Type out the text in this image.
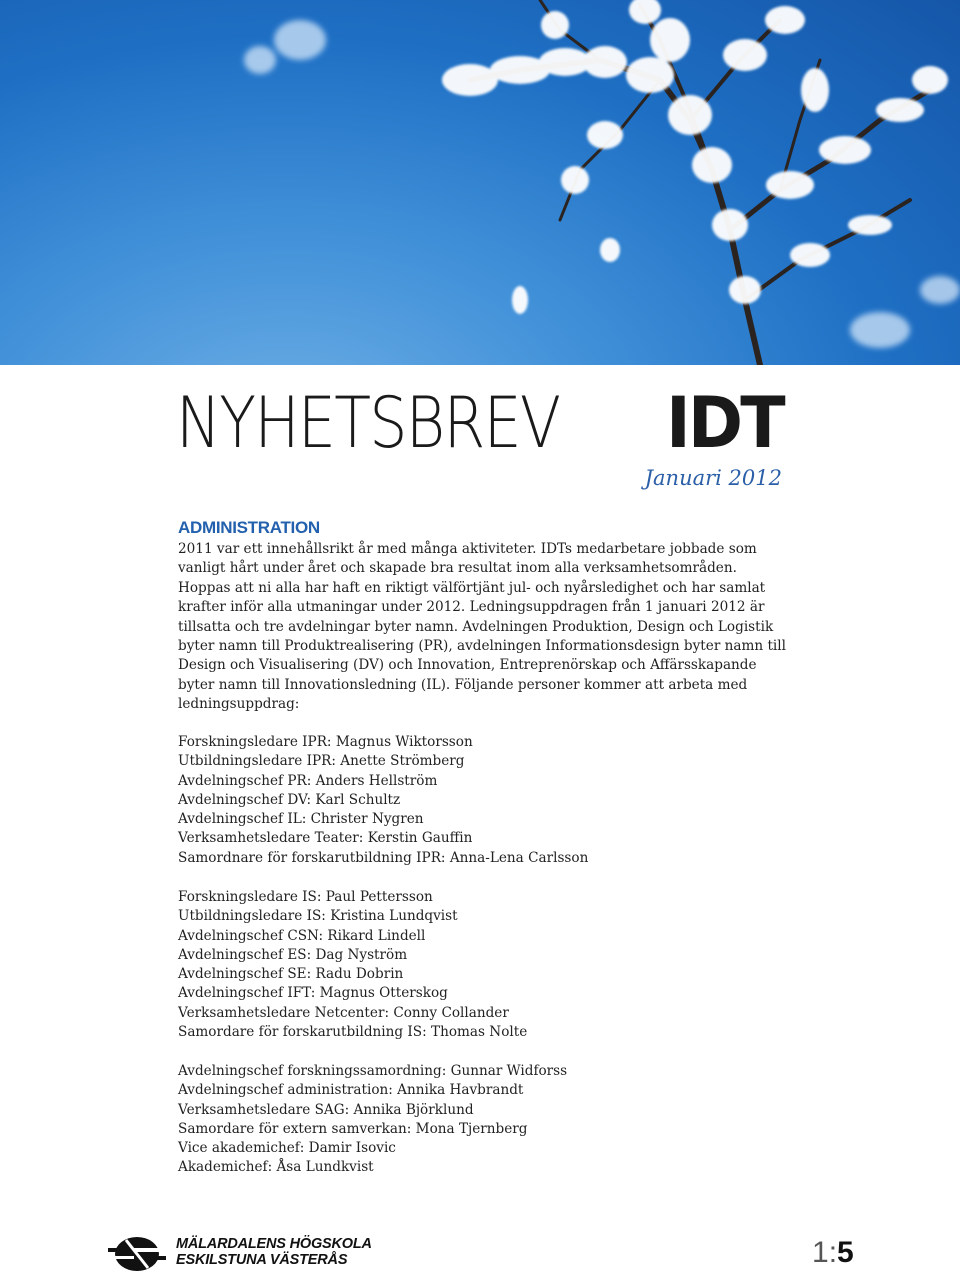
NYHETSBREV IDT
Januari 2012
ADMINISTRATION

2011 var ett innehållsrikt år med många aktiviteter. IDTs medarbetare jobbade som vanligt hårt under året och skapade bra resultat inom alla verksamhetsområden. Hoppas att ni alla har haft en riktigt välförtjänt jul- och nyårsledighet och har samlat krafter inför alla utmaningar under 2012. Ledningsuppdragen från 1 januari 2012 är tillsatta och tre avdelningar byter namn. Avdelningen Produktion, Design och Logistik byter namn till Produktrealisering (PR), avdelningen Informationsdesign byter namn till Design och Visualisering (DV) och Innovation, Entreprenörskap och Affärsskapande byter namn till Innovationsledning (IL). Följande personer kommer att arbeta med ledningsuppdrag:

Forskningsledare IPR: Magnus Wiktorsson
Utbildningsledare IPR: Anette Strömberg
Avdelningschef PR: Anders Hellström
Avdelningschef DV: Karl Schultz
Avdelningschef IL: Christer Nygren
Verksamhetsledare Teater: Kerstin Gauffin
Samordnare för forskarutbildning IPR: Anna-Lena Carlsson
Forskningsledare IS: Paul Pettersson
Utbildningsledare IS: Kristina Lundqvist
Avdelningschef CSN: Rikard Lindell
Avdelningschef ES: Dag Nyström
Avdelningschef SE: Radu Dobrin
Avdelningschef IFT: Magnus Otterskog
Verksamhetsledare Netcenter: Conny Collander
Samordare för forskarutbildning IS: Thomas Nolte
Avdelningschef forskningssamordning: Gunnar Widforss
Avdelningschef administration: Annika Havbrandt
Verksamhetsledare SAG: Annika Björklund
Samordare för extern samverkan: Mona Tjernberg
Vice akademichef: Damir Isovic
Akademichef: Åsa Lundkvist
MÄLARDALENS HÖGSKOLA
ESKILSTUNA VÄSTERÅS	1:5
